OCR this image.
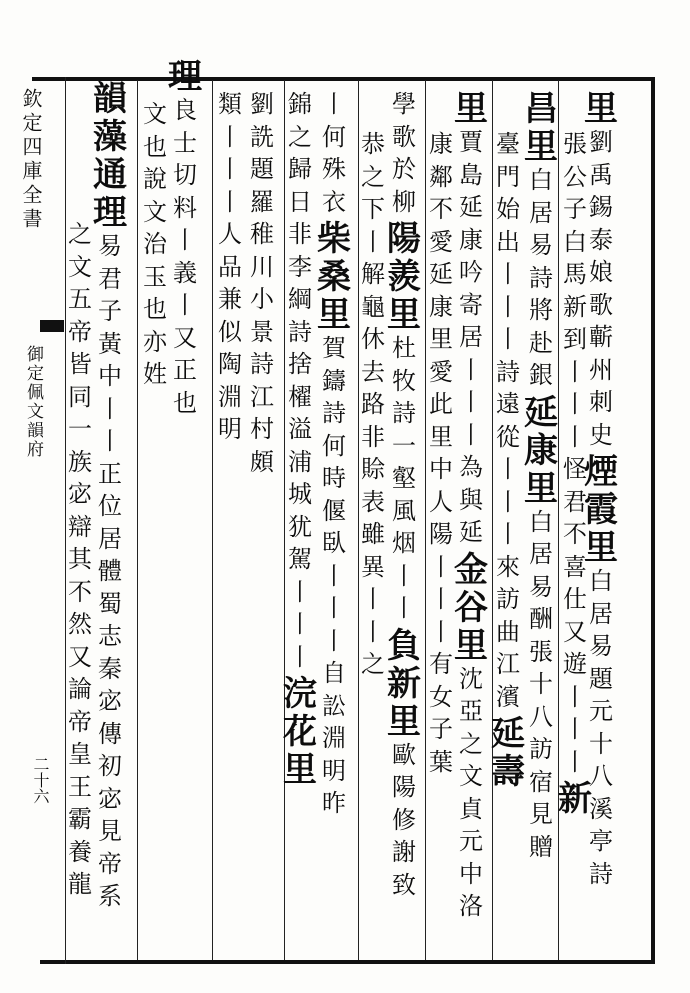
欽定四庫全書
御定佩文韻府
二十六
里
劉
禹
錫
泰
娘
歌
蘄
州
刺
史
煙
霞
里
白
居
易
題
元
十
八
溪
亭
詩
張
公
子
白
馬
新
到
丨
丨
丨
怪
君
不
喜
仕
又
遊
丨
丨
丨
新
昌
里
白
居
易
詩
將
赴
銀
延
康
里
白
居
易
酬
張
十
八
訪
宿
見
贈
臺
門
始
出
丨
丨
丨
詩
遠
從
丨
丨
丨
來
訪
曲
江
濱
延
壽
里
賈
島
延
康
吟
寄
居
丨
丨
丨
為
與
延
金
谷
里
沈
亞
之
文
貞
元
中
洛
康
鄰
不
愛
延
康
里
愛
此
里
中
人
陽
丨
丨
丨
有
女
子
葉
學
歌
於
柳
陽
羨
里
杜
牧
詩
一
壑
風
烟
丨
丨
負
新
里
歐
陽
修
謝
致
恭
之
下
丨
解
龜
休
去
路
非
賒
表
雖
異
丨
丨
之
丨
何
殊
衣
柴
桑
里
賀
鑄
詩
何
時
偃
臥
丨
丨
丨
自
訟
淵
明
昨
錦
之
歸
日
非
李
綱
詩
捨
櫂
溢
浦
城
犹
駕
丨
丨
丨
浣
花
里
劉
詵
題
羅
稚
川
小
景
詩
江
村
頗
類
丨
丨
丨
人
品
兼
似
陶
淵
明
理
良
士
切
料
丨
義
丨
又
正
也
文
也
說
文
治
玉
也
亦
姓
韻
藻
通
理
易
君
子
黃
中
丨
丨
正
位
居
體
蜀
志
秦
宓
傳
初
宓
見
帝
系
之
文
五
帝
皆
同
一
族
宓
辯
其
不
然
又
論
帝
皇
王
霸
養
龍
